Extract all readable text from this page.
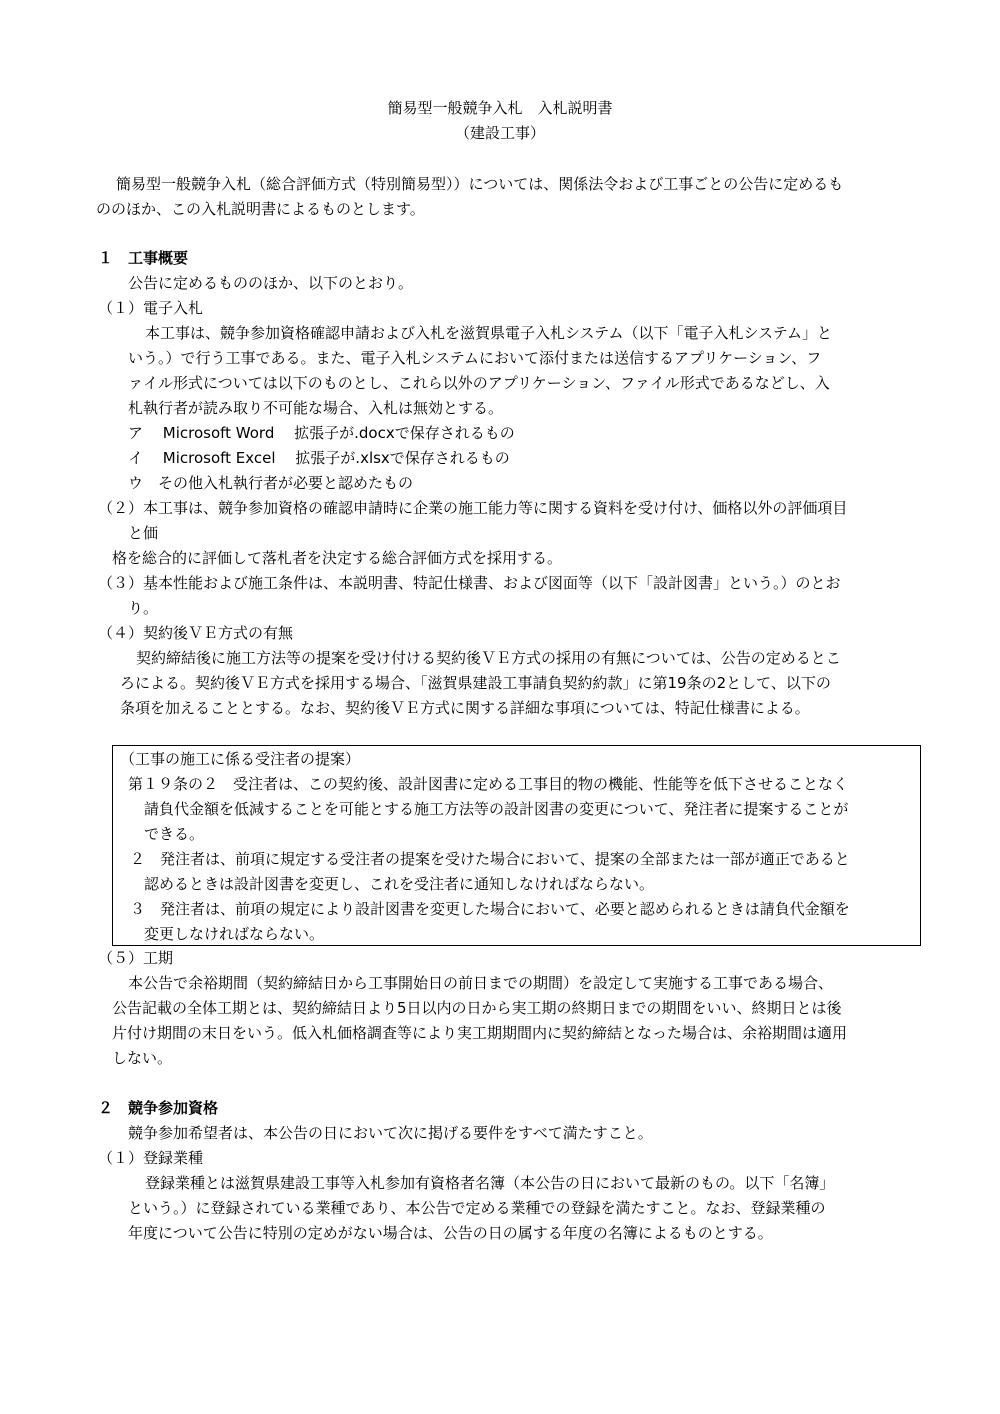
簡易型一般競争入札　入札説明書
（建設工事）
簡易型一般競争入札（総合評価方式（特別簡易型））については、関係法令および工事ごとの公告に定めるも
ののほか、この入札説明書によるものとします。
１　工事概要
公告に定めるもののほか、以下のとおり。
（１）電子入札
本工事は、競争参加資格確認申請および入札を滋賀県電子入札システム（以下「電子入札システム」と
いう。）で行う工事である。また、電子入札システムにおいて添付または送信するアプリケーション、フ
ァイル形式については以下のものとし、これら以外のアプリケーション、ファイル形式であるなどし、入
札執行者が読み取り不可能な場合、入札は無効とする。
ア　 Microsoft Word　 拡張子が.docxで保存されるもの
イ　 Microsoft Excel　 拡張子が.xlsxで保存されるもの
ウ　その他入札執行者が必要と認めたもの
（２）本工事は、競争参加資格の確認申請時に企業の施工能力等に関する資料を受け付け、価格以外の評価項目
と価
格を総合的に評価して落札者を決定する総合評価方式を採用する。
（３）基本性能および施工条件は、本説明書、特記仕様書、および図面等（以下「設計図書」という。）のとお
り。
（４）契約後ＶＥ方式の有無
契約締結後に施工方法等の提案を受け付ける契約後ＶＥ方式の採用の有無については、公告の定めるとこ
ろによる。契約後ＶＥ方式を採用する場合、「滋賀県建設工事請負契約約款」に第19条の2として、以下の
条項を加えることとする。なお、契約後ＶＥ方式に関する詳細な事項については、特記仕様書による。
（工事の施工に係る受注者の提案）
第１９条の２　受注者は、この契約後、設計図書に定める工事目的物の機能、性能等を低下させることなく
請負代金額を低減することを可能とする施工方法等の設計図書の変更について、発注者に提案することが
できる。
２　発注者は、前項に規定する受注者の提案を受けた場合において、提案の全部または一部が適正であると
認めるときは設計図書を変更し、これを受注者に通知しなければならない。
３　発注者は、前項の規定により設計図書を変更した場合において、必要と認められるときは請負代金額を
変更しなければならない。
（５）工期
本公告で余裕期間（契約締結日から工事開始日の前日までの期間）を設定して実施する工事である場合、
公告記載の全体工期とは、契約締結日より5日以内の日から実工期の終期日までの期間をいい、終期日とは後
片付け期間の末日をいう。低入札価格調査等により実工期期間内に契約締結となった場合は、余裕期間は適用
しない。
２　競争参加資格
競争参加希望者は、本公告の日において次に掲げる要件をすべて満たすこと。
（１）登録業種
登録業種とは滋賀県建設工事等入札参加有資格者名簿（本公告の日において最新のもの。以下「名簿」
という。）に登録されている業種であり、本公告で定める業種での登録を満たすこと。なお、登録業種の
年度について公告に特別の定めがない場合は、公告の日の属する年度の名簿によるものとする。
